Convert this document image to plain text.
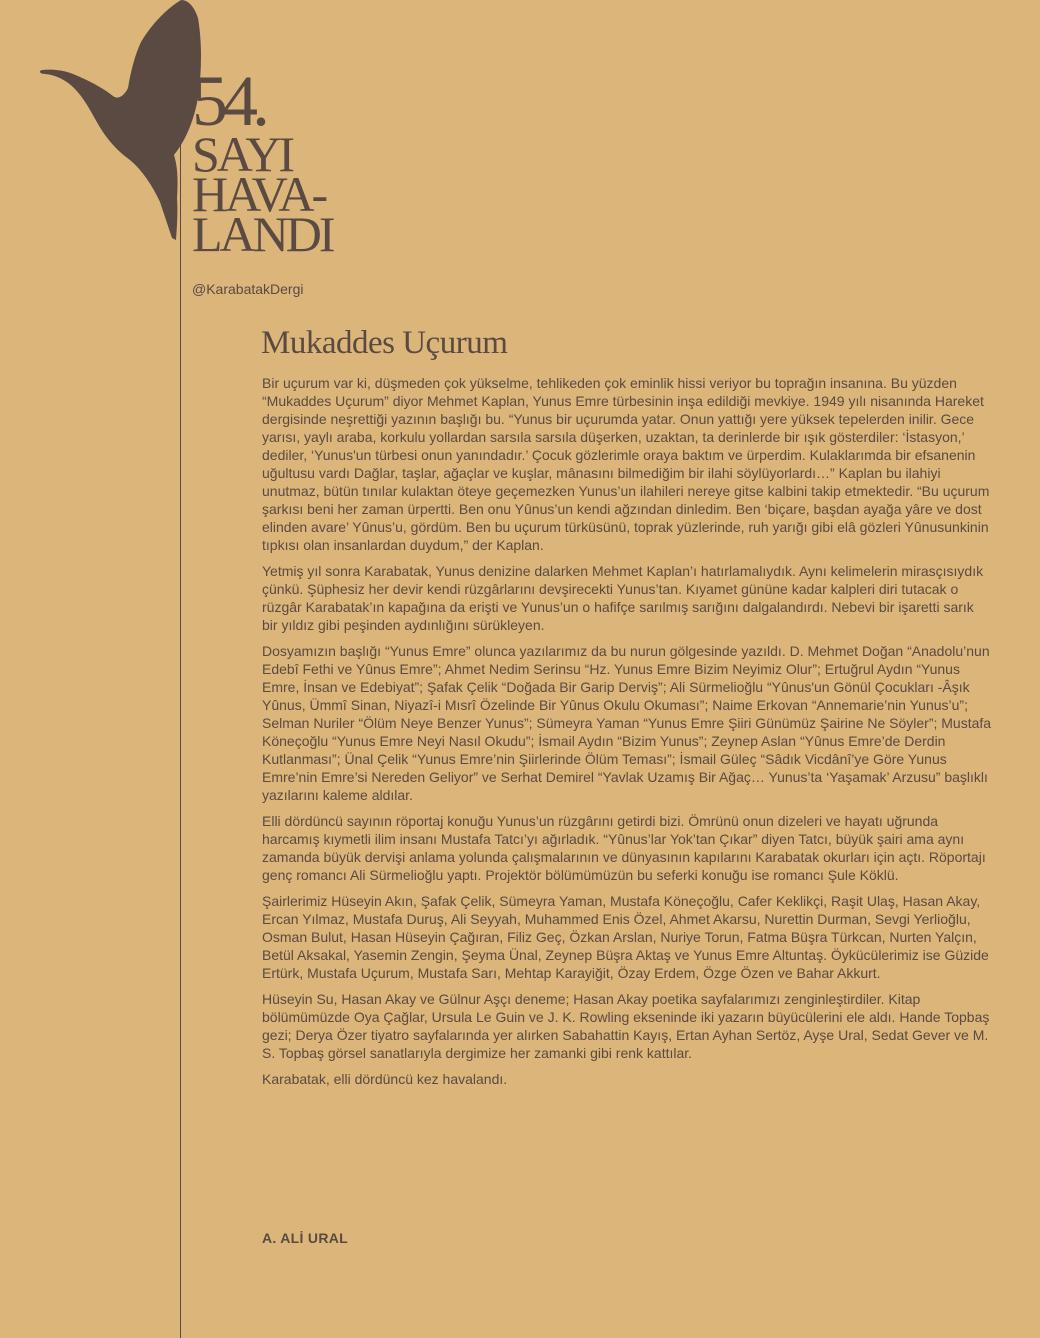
54.
SAYI
HAVA-
LANDI
@KarabatakDergi
Mukaddes Uçurum

Bir uçurum var ki, düşmeden çok yükselme, tehlikeden çok eminlik hissi veriyor bu toprağın insanına. Bu yüzden “Mukaddes Uçurum” diyor Mehmet Kaplan, Yunus Emre türbesinin inşa edildiği mevkiye. 1949 yılı nisanında Hareket dergisinde neşrettiği yazının başlığı bu. “Yunus bir uçurumda yatar. Onun yattığı yere yüksek tepelerden inilir. Gece yarısı, yaylı araba, korkulu yollardan sarsıla sarsıla düşerken, uzaktan, ta derinlerde bir ışık gösterdiler: ‘İstasyon,’ dediler, ‘Yunus'un türbesi onun yanındadır.’ Çocuk gözlerimle oraya baktım ve ürperdim. Kulaklarımda bir efsanenin uğultusu vardı Dağlar, taşlar, ağaçlar ve kuşlar, mânasını bilmediğim bir ilahi söylüyorlardı…” Kaplan bu ilahiyi unutmaz, bütün tınılar kulaktan öteye geçemezken Yunus’un ilahileri nereye gitse kalbini takip etmektedir. “Bu uçurum şarkısı beni her zaman ürpertti. Ben onu Yûnus’un kendi ağzından dinledim. Ben ‘biçare, başdan ayağa yâre ve dost elinden avare’ Yûnus’u, gördüm. Ben bu uçurum türküsünü, toprak yüzlerinde, ruh yarığı gibi elâ gözleri Yûnusunkinin tıpkısı olan insanlardan duydum,” der Kaplan.

Yetmiş yıl sonra Karabatak, Yunus denizine dalarken Mehmet Kaplan’ı hatırlamalıydık. Aynı kelimelerin mirasçısıydık çünkü. Şüphesiz her devir kendi rüzgârlarını devşirecekti Yunus’tan. Kıyamet gününe kadar kalpleri diri tutacak o rüzgâr Karabatak’ın kapağına da erişti ve Yunus’un o hafifçe sarılmış sarığını dalgalandırdı. Nebevi bir işaretti sarık bir yıldız gibi peşinden aydınlığını sürükleyen.

Dosyamızın başlığı “Yunus Emre” olunca yazılarımız da bu nurun gölgesinde yazıldı. D. Mehmet Doğan “Anadolu’nun Edebî Fethi ve Yûnus Emre”; Ahmet Nedim Serinsu “Hz. Yunus Emre Bizim Neyimiz Olur”; Ertuğrul Aydın “Yunus Emre, İnsan ve Edebiyat”; Şafak Çelik “Doğada Bir Garip Derviş”; Ali Sürmelioğlu “Yûnus'un Gönül Çocukları -Âşık Yûnus, Ümmî Sinan, Niyazî-i Mısrî Özelinde Bir Yûnus Okulu Okuması”; Naime Erkovan “Annemarie’nin Yunus’u”; Selman Nuriler “Ölüm Neye Benzer Yunus”; Sümeyra Yaman “Yunus Emre Şiiri Günümüz Şairine Ne Söyler”; Mustafa Köneçoğlu “Yunus Emre Neyi Nasıl Okudu”; İsmail Aydın “Bizim Yunus”; Zeynep Aslan “Yûnus Emre’de Derdin Kutlanması”; Ünal Çelik “Yunus Emre’nin Şiirlerinde Ölüm Teması”; İsmail Güleç “Sâdık Vicdânî’ye Göre Yunus Emre’nin Emre’si Nereden Geliyor” ve Serhat Demirel “Yavlak Uzamış Bir Ağaç… Yunus’ta ‘Yaşamak’ Arzusu” başlıklı yazılarını kaleme aldılar.

Elli dördüncü sayının röportaj konuğu Yunus’un rüzgârını getirdi bizi. Ömrünü onun dizeleri ve hayatı uğrunda harcamış kıymetli ilim insanı Mustafa Tatcı’yı ağırladık. “Yûnus’lar Yok’tan Çıkar” diyen Tatcı, büyük şairi ama aynı zamanda büyük dervişi anlama yolunda çalışmalarının ve dünyasının kapılarını Karabatak okurları için açtı. Röportajı genç romancı Ali Sürmelioğlu yaptı. Projektör bölümümüzün bu seferki konuğu ise romancı Şule Köklü.

Şairlerimiz Hüseyin Akın, Şafak Çelik, Sümeyra Yaman, Mustafa Köneçoğlu, Cafer Keklikçi, Raşit Ulaş, Hasan Akay, Ercan Yılmaz, Mustafa Duruş, Ali Seyyah, Muhammed Enis Özel, Ahmet Akarsu, Nurettin Durman, Sevgi Yerlioğlu, Osman Bulut, Hasan Hüseyin Çağıran, Filiz Geç, Özkan Arslan, Nuriye Torun, Fatma Büşra Türkcan, Nurten Yalçın, Betül Aksakal, Yasemin Zengin, Şeyma Ünal, Zeynep Büşra Aktaş ve Yunus Emre Altuntaş. Öykücülerimiz ise Güzide Ertürk, Mustafa Uçurum, Mustafa Sarı, Mehtap Karayiğit, Özay Erdem, Özge Özen ve Bahar Akkurt.

Hüseyin Su, Hasan Akay ve Gülnur Aşçı deneme; Hasan Akay poetika sayfalarımızı zenginleştirdiler. Kitap bölümümüzde Oya Çağlar, Ursula Le Guin ve J. K. Rowling ekseninde iki yazarın büyücülerini ele aldı. Hande Topbaş gezi; Derya Özer tiyatro sayfalarında yer alırken Sabahattin Kayış, Ertan Ayhan Sertöz, Ayşe Ural, Sedat Gever ve M. S. Topbaş görsel sanatlarıyla dergimize her zamanki gibi renk kattılar.

Karabatak, elli dördüncü kez havalandı.

A. ALİ URAL
